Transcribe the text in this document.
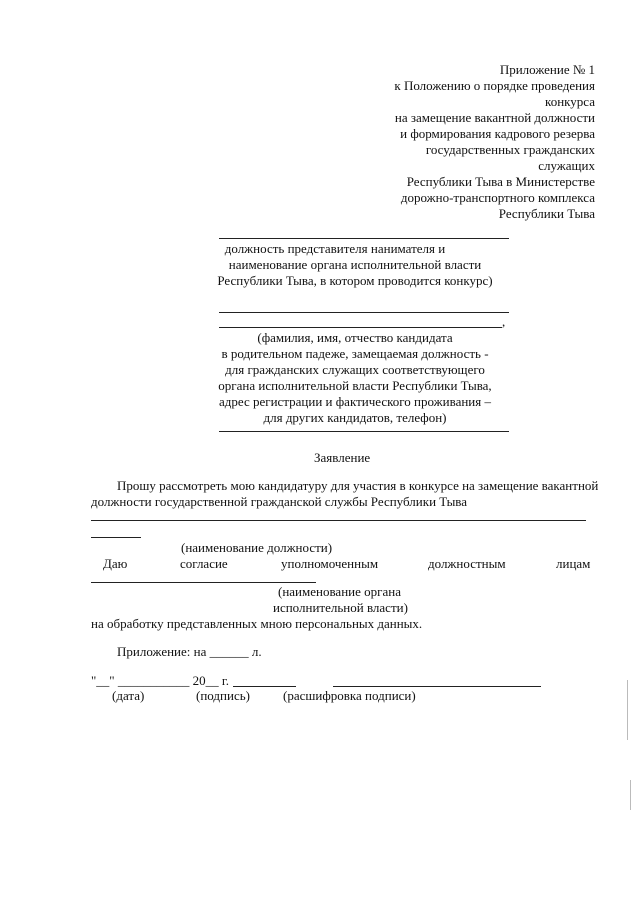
Приложение № 1
к Положению о порядке проведения
конкурса
на замещение вакантной должности
и формирования кадрового резерва
государственных гражданских
служащих
Республики Тыва в Министерстве
дорожно-транспортного комплекса
Республики Тыва
должность представителя нанимателя и
наименование органа исполнительной власти
Республики Тыва, в котором проводится конкурс)
,
(фамилия, имя, отчество кандидата
в родительном падеже, замещаемая должность -
для гражданских служащих соответствующего
органа исполнительной власти Республики Тыва,
адрес регистрации и фактического проживания –
для других кандидатов, телефон)
Заявление
Прошу рассмотреть мою кандидатуру для участия в конкурсе на замещение вакантной
должности государственной гражданской службы Республики Тыва
(наименование должности)
Даю	согласие	уполномоченным	должностным	лицам
(наименование органа
исполнительной власти)
на обработку представленных мною персональных данных.
Приложение: на ______ л.
"__" ___________ 20__ г.
(дата)	(подпись)	(расшифровка подписи)
